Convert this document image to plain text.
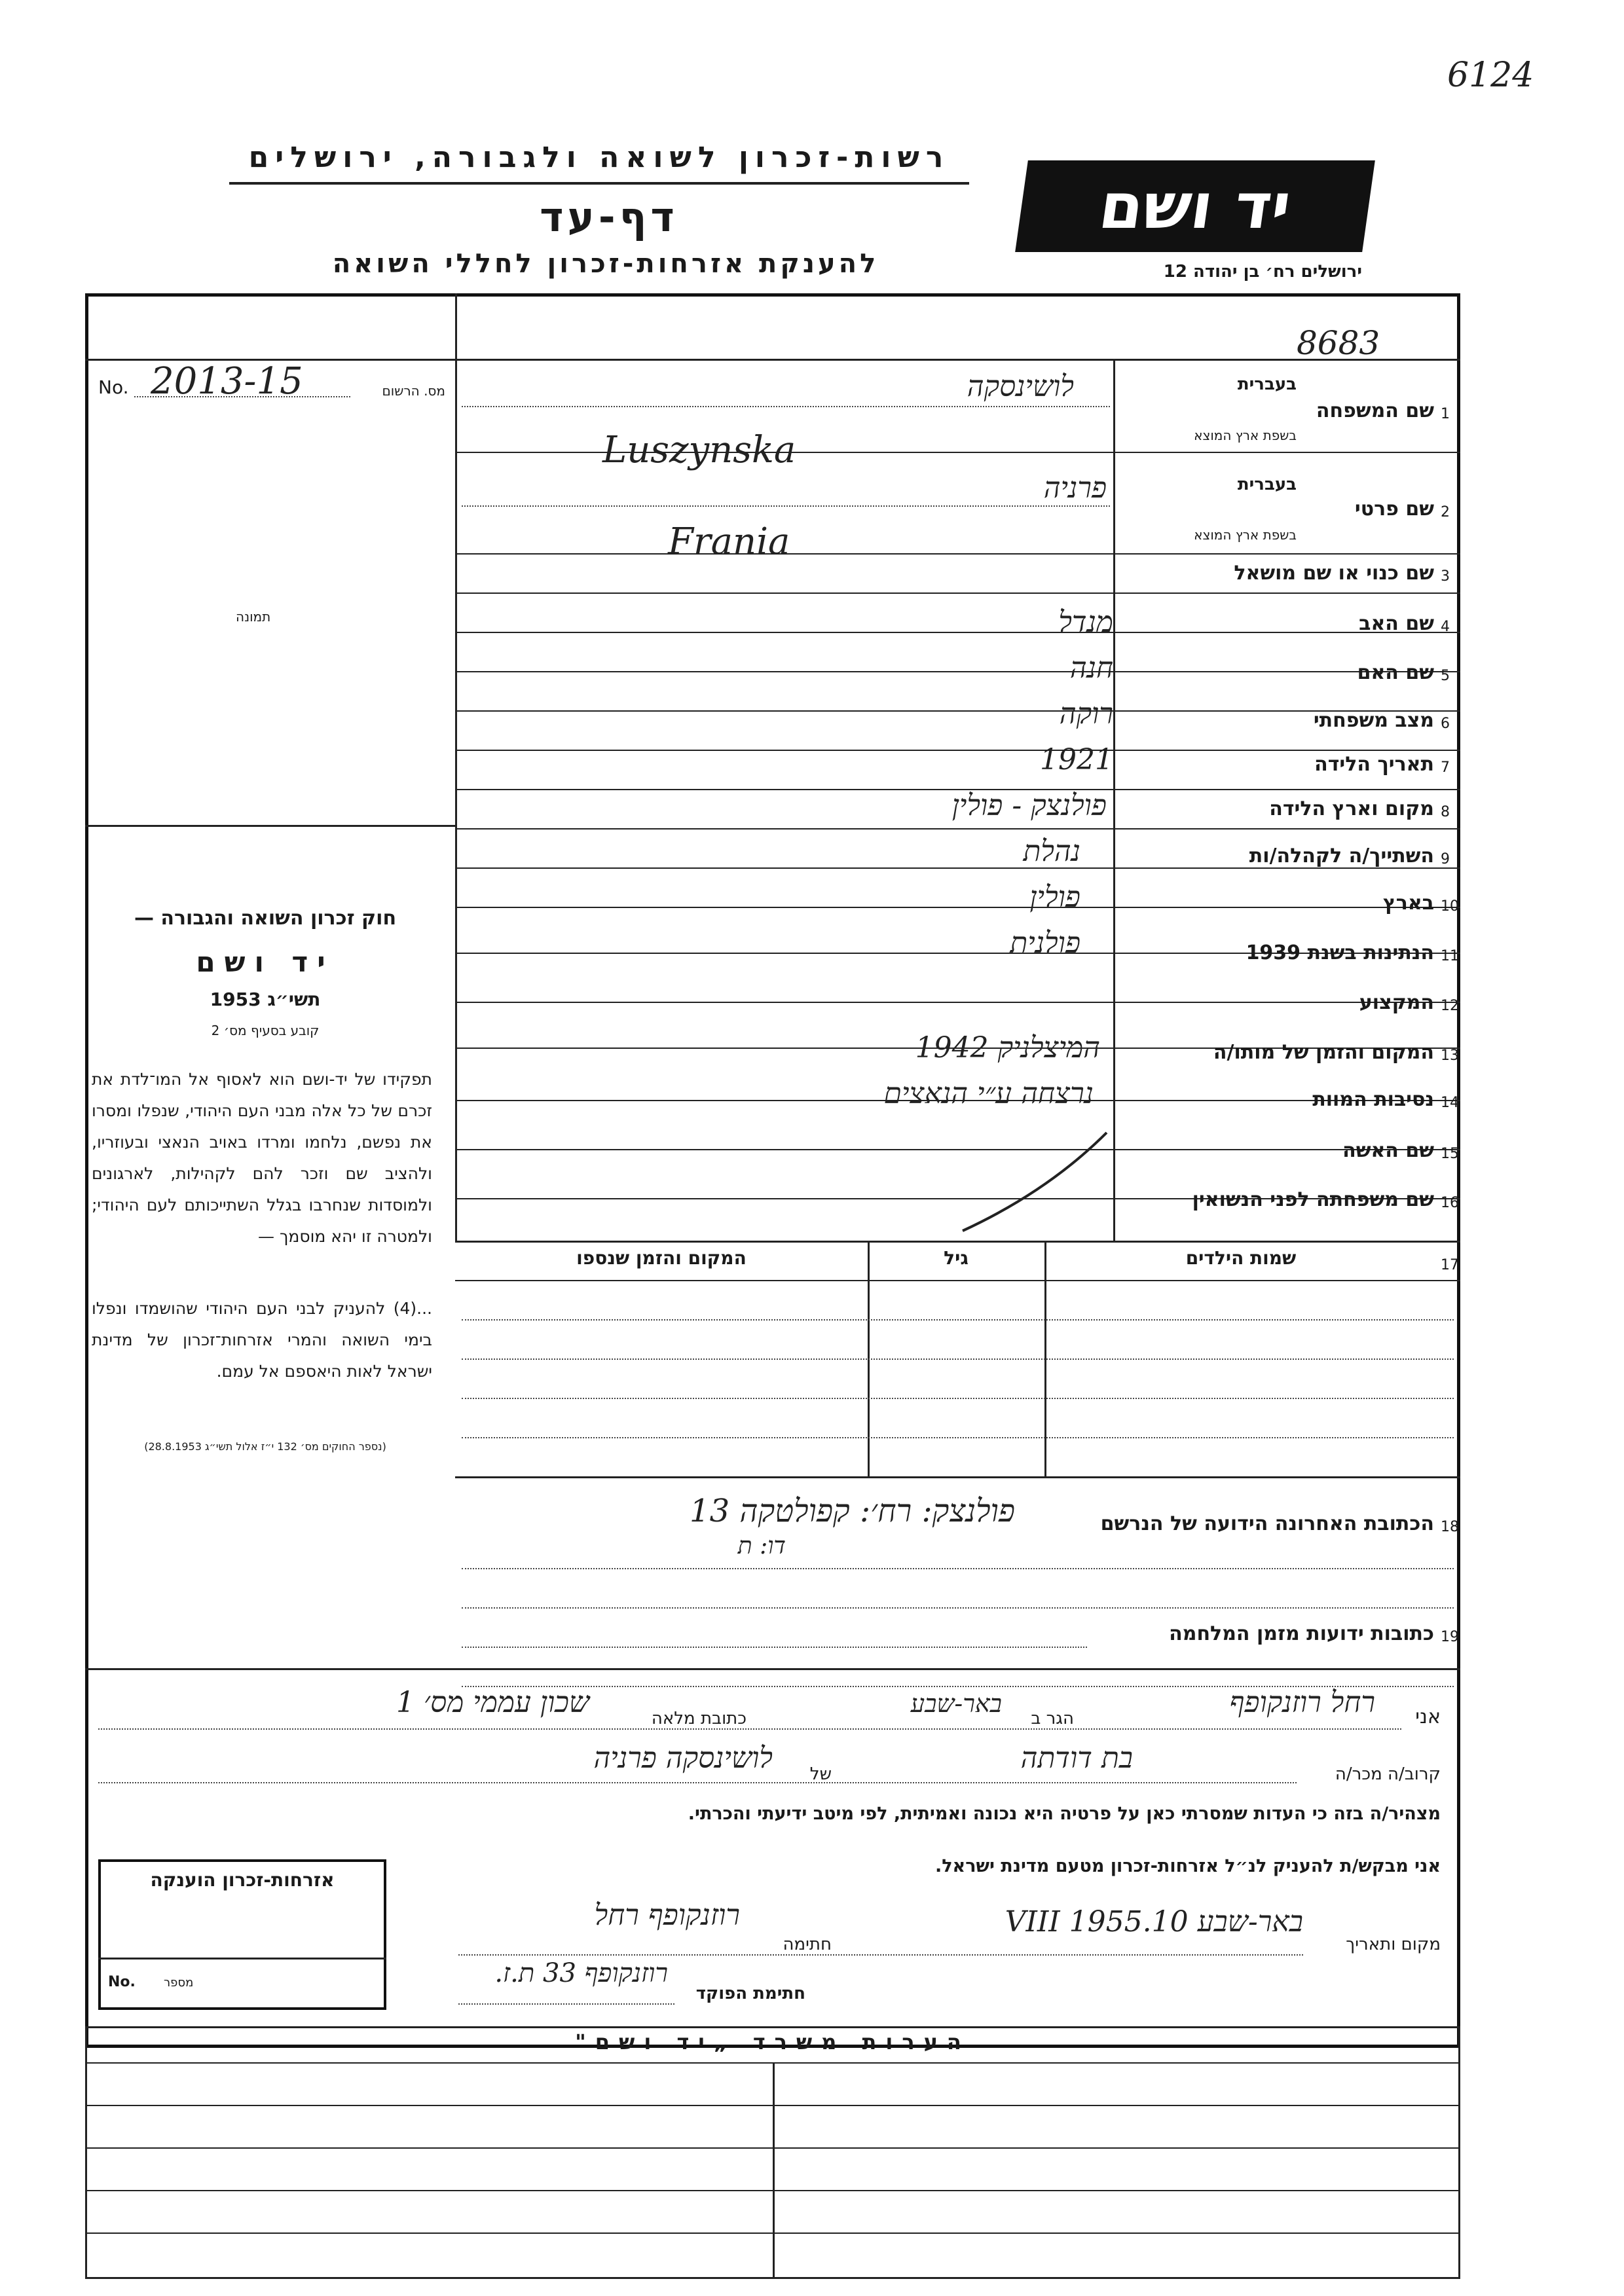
6124
רשות-זכרון לשואה ולגבורה, ירושלים
דף-עד
להענקת אזרחות-זכרון לחללי השואה
יד ושם
ירושלים רח׳ בן יהודה 12
8683
No. 2013-15	מס. הרשום
תמונה
חוק זכרון השואה והגבורה —
יד ושם
תשי״ג 1953
קובע בסעיף מס׳ 2
תפקידו של יד-ושם הוא לאסוף אל המו־לדת את זכרם של כל אלה מבני העם היהודי, שנפלו ומסרו את נפשם, נלחמו ומרדו באויב הנאצי ובעוזריו, ולהציב שם וזכר להם לקהילות, לארגונים ולמוסדות שנחרבו בגלל השתייכותם לעם היהודי; ולמטרה זו יהא מוסמך —
...(4) להעניק לבני העם היהודי שהושמדו ונפלו בימי השואה והמרי אזרחות־זכרון של מדינת ישראל לאות היאספם אל עמם.
(נספר החוקים מס׳ 132 י״ז אלול תשי״ג 28.8.1953)
1
שם המשפחה
בעברית
בשפת ארץ המוצא
לושינסקה
Luszynska
2
שם פרטי
בעברית
בשפת ארץ המוצא
פרניה
Frania
3
שם כנוי או שם מושאל
4
שם האב
מנדל
5
שם האם
חנה
6
מצב משפחתי
רוקה
7
תאריך הלידה
1921
8
מקום וארץ הלידה
פולנצק - פולין
9
השתייך/ה לקהלה/ות
נהלת
10
בארץ
פולין
11
הנתינות בשנת 1939
פולנית
12
המקצוע
13
המקום והזמן של מותו/ה
המיצלניק 1942
14
נסיבות המוות
נרצחה ע״י הנאצים
15
שם האשה
16
שם משפחתה לפני הנשואין
17
שמות הילדים
גיל
המקום והזמן שנספו
18
הכתובת האחרונה הידועה של הנרשם
פולנצק: רח׳: קפולטקה 13
דו: ת
19
כתובות ידועות מזמן המלחמה
אני
רחל רוזנקופף
הגר ב
באר-שבע
כתובת מלאה
שכון עממי מס׳ 1
קרוב/ה מכר/ה
בת דודתה
של
לושינסקה פרניה
מצהיר/ה בזה כי העדות שמסרתי כאן על פרטיה היא נכונה ואמיתית, לפי מיטב ידיעתי והכרתי.
אני מבקש/ת להעניק לנ״ל אזרחות-זכרון מטעם מדינת ישראל.
מקום ותאריך
באר-שבע 10.VIII 1955
חתימה
רוזנקופף רחל
חתימת הפוקד
רוזנקופף 33 ת.ז.
אזרחות-זכרון הוענקה
No. מספר
הערות משרד „יד ושם"
